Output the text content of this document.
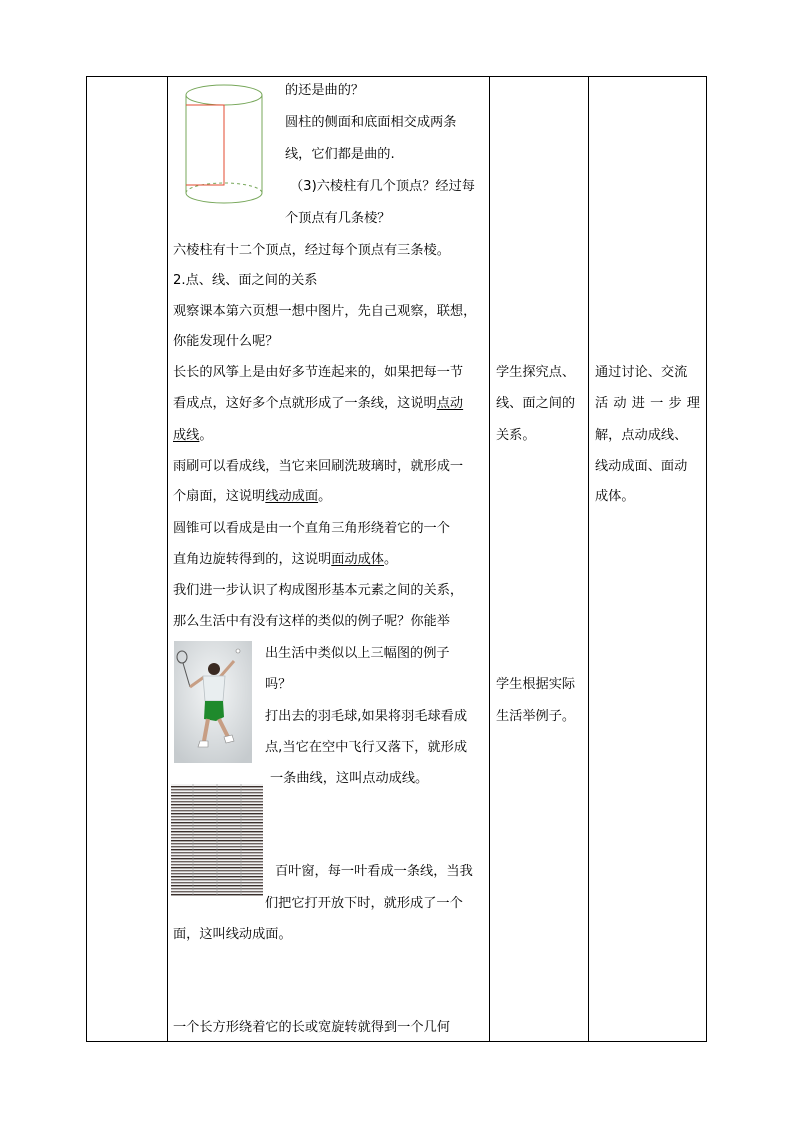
的还是曲的？
圆柱的侧面和底面相交成两条
线，它们都是曲的.
（3)六棱柱有几个顶点？经过每
个顶点有几条棱？
六棱柱有十二个顶点，经过每个顶点有三条棱。
2.点、线、面之间的关系
观察课本第六页想一想中图片，先自己观察，联想，
你能发现什么呢？
长长的风筝上是由好多节连起来的，如果把每一节
看成点，这好多个点就形成了一条线，这说明点动
成线。
雨刷可以看成线，当它来回刷洗玻璃时，就形成一
个扇面，这说明线动成面。
圆锥可以看成是由一个直角三角形绕着它的一个
直角边旋转得到的，这说明面动成体。
我们进一步认识了构成图形基本元素之间的关系，
那么生活中有没有这样的类似的例子呢？你能举
出生活中类似以上三幅图的例子
吗？
打出去的羽毛球,如果将羽毛球看成
点,当它在空中飞行又落下，就形成
一条曲线，这叫点动成线。
百叶窗，每一叶看成一条线，当我
们把它打开放下时，就形成了一个
面，这叫线动成面。
一个长方形绕着它的长或宽旋转就得到一个几何
学生探究点、
线、面之间的
关系。
学生根据实际
生活举例子。
通过讨论、交流
活 动 进 一 步 理
解，点动成线、
线动成面、面动
成体。
